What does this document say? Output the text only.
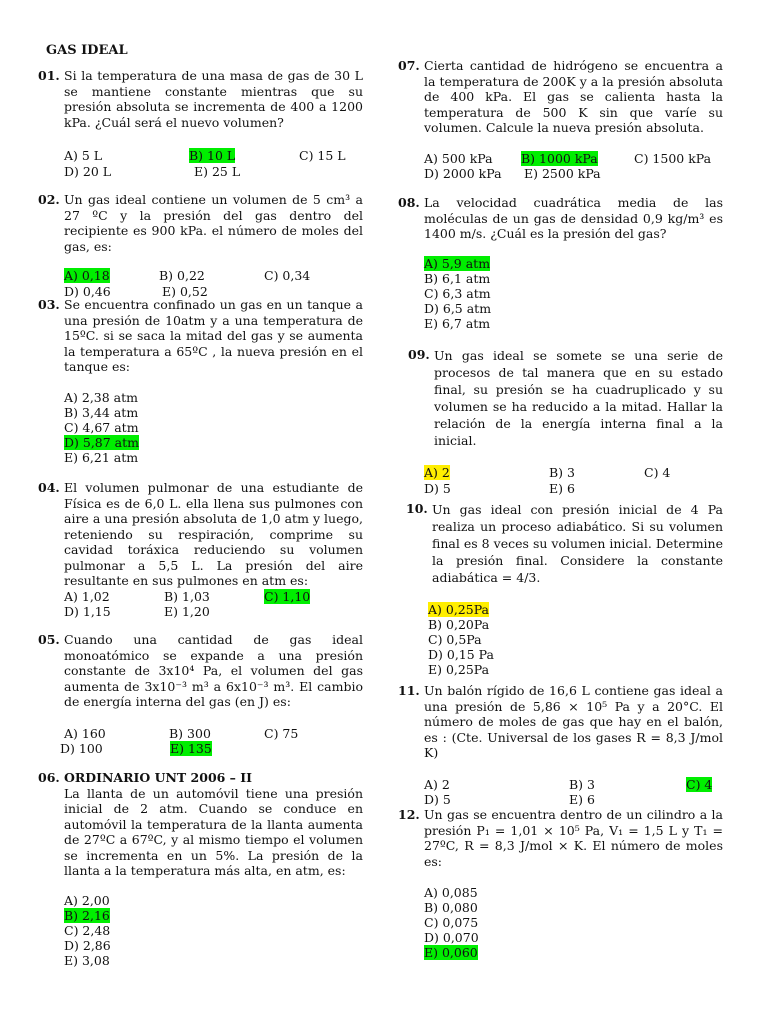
GAS IDEAL
01. Si la temperatura de una masa de gas de 30 L se mantiene constante mientras que su presión absoluta se incrementa de 400 a 1200 kPa. ¿Cuál será el nuevo volumen?
A) 5 L	B) 10 L	C) 15 L
D) 20 L	E) 25 L
02. Un gas ideal contiene un volumen de 5 cm³ a 27 ºC y la presión del gas dentro del recipiente es 900 kPa. el número de moles del gas, es:
A) 0,18	B) 0,22	C) 0,34
D) 0,46	E) 0,52
03. Se encuentra confinado un gas en un tanque a una presión de 10atm y a una temperatura de 15ºC. si se saca la mitad del gas y se aumenta la temperatura a 65ºC , la nueva presión en el tanque es:
A) 2,38 atm
B) 3,44 atm
C) 4,67 atm
D) 5,87 atm
E) 6,21 atm
04. El volumen pulmonar de una estudiante de Física es de 6,0 L. ella llena sus pulmones con aire a una presión absoluta de 1,0 atm y luego, reteniendo su respiración, comprime su cavidad toráxica reduciendo su volumen pulmonar a 5,5 L. La presión del aire resultante en sus pulmones en atm es:
A) 1,02	B) 1,03	C) 1,10
D) 1,15	E) 1,20
05. Cuando una cantidad de gas ideal monoatómico se expande a una presión constante de 3x10⁴ Pa, el volumen del gas aumenta de 3x10⁻³ m³ a 6x10⁻³ m³. El cambio de energía interna del gas (en J) es:
A) 160	B) 300	C) 75
D) 100	E) 135
06. ORDINARIO UNT 2006 – II
La llanta de un automóvil tiene una presión inicial de 2 atm. Cuando se conduce en automóvil la temperatura de la llanta aumenta de 27ºC a 67ºC, y al mismo tiempo el volumen se incrementa en un 5%. La presión de la llanta a la temperatura más alta, en atm, es:
A) 2,00
B) 2,16
C) 2,48
D) 2,86
E) 3,08
07. Cierta cantidad de hidrógeno se encuentra a la temperatura de 200K y a la presión absoluta de 400 kPa. El gas se calienta hasta la temperatura de 500 K sin que varíe su volumen. Calcule la nueva presión absoluta.
A) 500 kPa	B) 1000 kPa	C) 1500 kPa
D) 2000 kPa	E) 2500 kPa
08. La velocidad cuadrática media de las moléculas de un gas de densidad 0,9 kg/m³ es 1400 m/s. ¿Cuál es la presión del gas?
A) 5,9 atm
B) 6,1 atm
C) 6,3 atm
D) 6,5 atm
E) 6,7 atm
09. Un gas ideal se somete se una serie de procesos de tal manera que en su estado final, su presión se ha cuadruplicado y su volumen se ha reducido a la mitad. Hallar la relación de la energía interna final a la inicial.
A) 2	B) 3	C) 4
D) 5	E) 6
10. Un gas ideal con presión inicial de 4 Pa realiza un proceso adiabático. Si su volumen final es 8 veces su volumen inicial. Determine la presión final. Considere la constante adiabática = 4/3.
A) 0,25Pa
B) 0,20Pa
C) 0,5Pa
D) 0,15 Pa
E) 0,25Pa
11. Un balón rígido de 16,6 L contiene gas ideal a una presión de 5,86 × 10⁵ Pa y a 20°C. El número de moles de gas que hay en el balón, es : (Cte. Universal de los gases R = 8,3 J/mol K)
A) 2	B) 3	C) 4
D) 5	E) 6
12. Un gas se encuentra dentro de un cilindro a la presión P₁ = 1,01 × 10⁵ Pa, V₁ = 1,5 L y T₁ = 27ºC, R = 8,3 J/mol × K. El número de moles es:
A) 0,085
B) 0,080
C) 0,075
D) 0,070
E) 0,060
